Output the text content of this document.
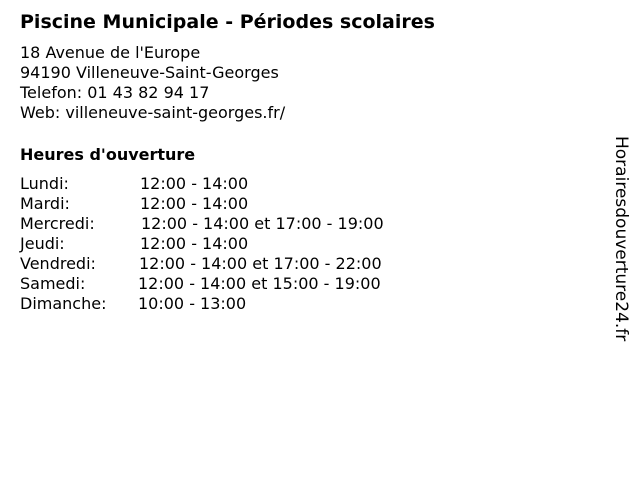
Piscine Municipale - Périodes scolaires
18 Avenue de l'Europe
94190 Villeneuve-Saint-Georges
Telefon: 01 43 82 94 17
Web: villeneuve-saint-georges.fr/
Heures d'ouverture
Lundi:	12:00 - 14:00
Mardi:	12:00 - 14:00
Mercredi:	12:00 - 14:00 et 17:00 - 19:00
Jeudi:	12:00 - 14:00
Vendredi:	12:00 - 14:00 et 17:00 - 22:00
Samedi:	12:00 - 14:00 et 15:00 - 19:00
Dimanche: 10:00 - 13:00	Horairesdouverture24.fr
